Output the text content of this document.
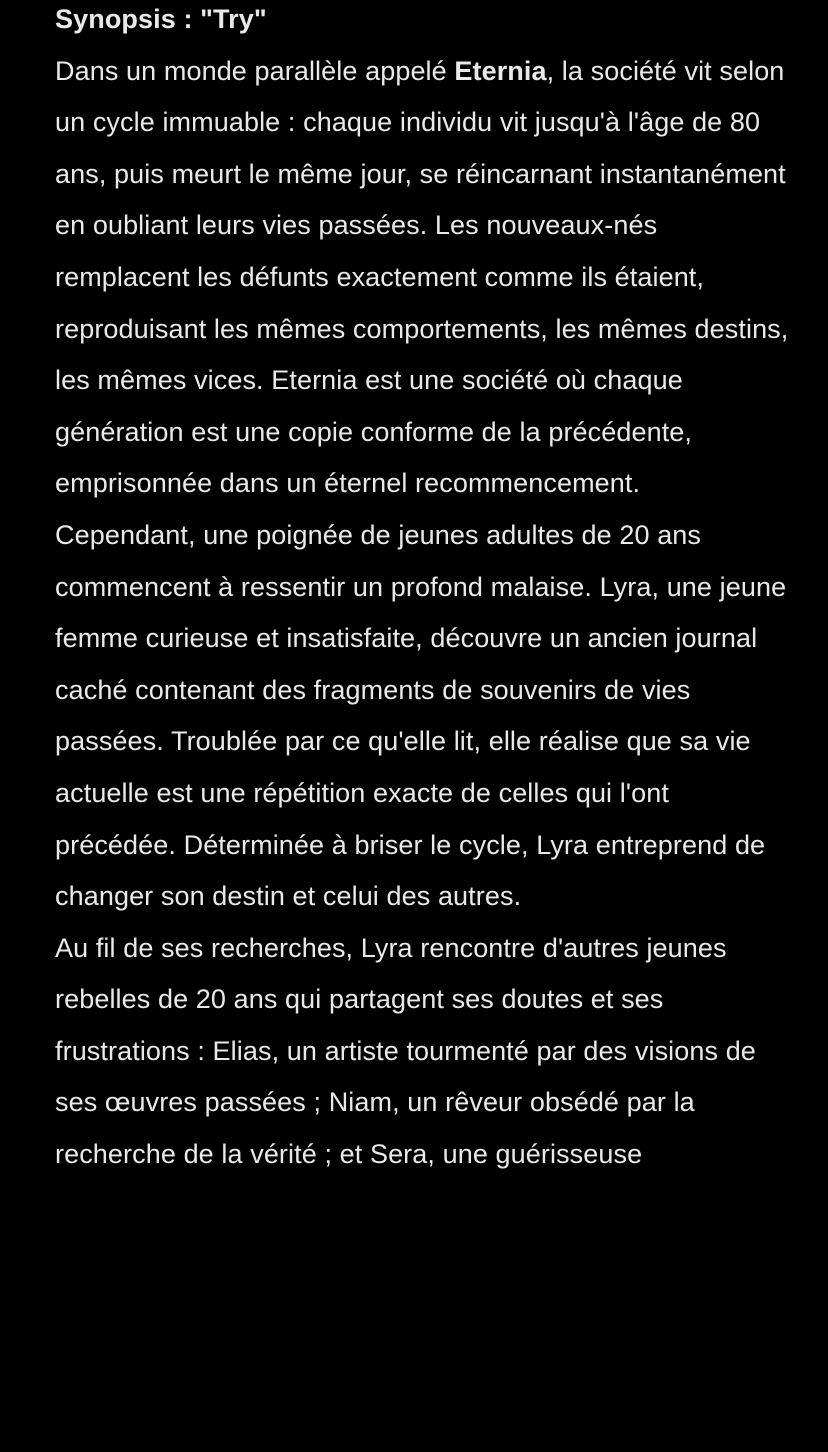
Synopsis : "Try"

Dans un monde parallèle appelé Eternia, la société vit selon un cycle immuable : chaque individu vit jusqu'à l'âge de 80 ans, puis meurt le même jour, se réincarnant instantanément en oubliant leurs vies passées. Les nouveaux-nés remplacent les défunts exactement comme ils étaient, reproduisant les mêmes comportements, les mêmes destins, les mêmes vices. Eternia est une société où chaque génération est une copie conforme de la précédente, emprisonnée dans un éternel recommencement.

Cependant, une poignée de jeunes adultes de 20 ans commencent à ressentir un profond malaise. Lyra, une jeune femme curieuse et insatisfaite, découvre un ancien journal caché contenant des fragments de souvenirs de vies passées. Troublée par ce qu'elle lit, elle réalise que sa vie actuelle est une répétition exacte de celles qui l'ont précédée. Déterminée à briser le cycle, Lyra entreprend de changer son destin et celui des autres.

Au fil de ses recherches, Lyra rencontre d'autres jeunes rebelles de 20 ans qui partagent ses doutes et ses frustrations : Elias, un artiste tourmenté par des visions de ses œuvres passées ; Niam, un rêveur obsédé par la recherche de la vérité ; et Sera, une guérisseuse
